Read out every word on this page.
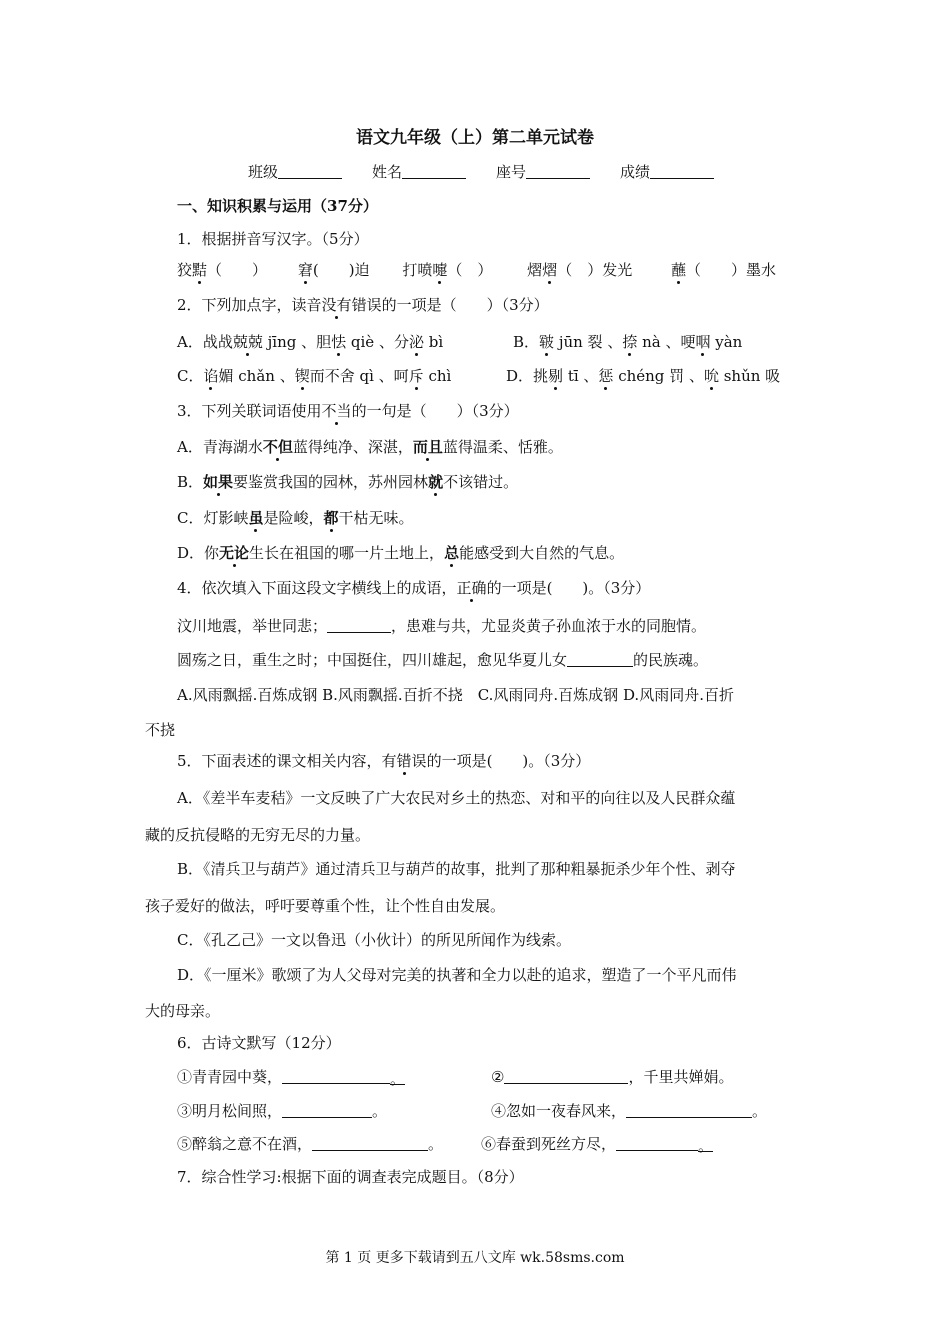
语文九年级（上）第二单元试卷
班级	姓名	座号	成绩
一、知识积累与运用（37分）
1．根据拼音写汉字。（5分）
狡黠（　　） 窘(　　)迫 打喷嚏（　） 熠熠（　）发光	蘸（　　）墨水
2．下列加点字，读音没有错误的一项是（　　）（3分）
A．战战兢兢 jīng 、胆怯 qiè 、分泌 bì	B．皲 jūn 裂 、捺 nà 、哽咽 yàn
C．谄媚 chǎn 、锲而不舍 qì 、呵斥 chì	D．挑剔 tī 、惩 chéng 罚 、吮 shǔn 吸
3．下列关联词语使用不当的一句是（　　）（3分）
A．青海湖水不但蓝得纯净、深湛，而且蓝得温柔、恬雅。
B．如果要鉴赏我国的园林，苏州园林就不该错过。
C．灯影峡虽是险峻，都干枯无味。
D．你无论生长在祖国的哪一片土地上，总能感受到大自然的气息。
4．依次填入下面这段文字横线上的成语，正确的一项是(　　)。（3分）
汶川地震，举世同悲；	，患难与共，尤显炎黄子孙血浓于水的同胞情。
圆殇之日，重生之时；中国挺住，四川雄起，愈见华夏儿女	的民族魂。
A.风雨飘摇.百炼成钢 B.风雨飘摇.百折不挠　C.风雨同舟.百炼成钢 D.风雨同舟.百折
不挠
5．下面表述的课文相关内容，有错误的一项是(　　)。（3分）
A．《差半车麦秸》一文反映了广大农民对乡土的热恋、对和平的向往以及人民群众蕴
藏的反抗侵略的无穷无尽的力量。
B．《清兵卫与葫芦》通过清兵卫与葫芦的故事，批判了那种粗暴扼杀少年个性、剥夺
孩子爱好的做法，呼吁要尊重个性，让个性自由发展。
C．《孔乙己》一文以鲁迅（小伙计）的所见所闻作为线索。
D．《一厘米》歌颂了为人父母对完美的执著和全力以赴的追求，塑造了一个平凡而伟
大的母亲。
6．古诗文默写（12分）
①青青园中葵，	。	②	，千里共婵娟。
③明月松间照，	。	④忽如一夜春风来，	。
⑤醉翁之意不在酒，	。	⑥春蚕到死丝方尽，	。
7．综合性学习:根据下面的调查表完成题目。（8分）
第 1 页 更多下载请到五八文库 wk.58sms.com
